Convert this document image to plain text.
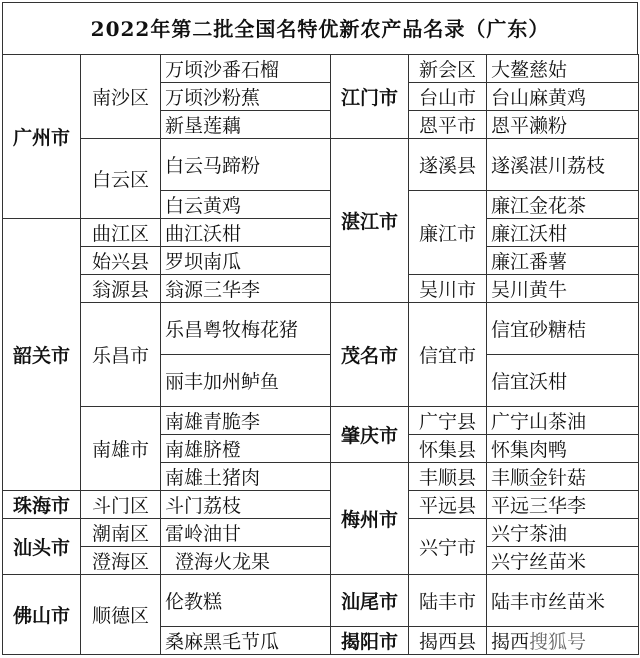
2022年第二批全国名特优新农产品名录（广东）
广州市	南沙区	万顷沙番石榴	江门市	新会区	大鳌慈姑
		万顷沙粉蕉		台山市	台山麻黄鸡
		新垦莲藕		恩平市	恩平濑粉
	白云区	白云马蹄粉	湛江市	遂溪县	遂溪湛川荔枝

		白云黄鸡		廉江市	廉江金花茶
韶关市	曲江区	曲江沃柑			廉江沃柑
	始兴县	罗坝南瓜			廉江番薯
	翁源县	翁源三华李		吴川市	吴川黄牛
	乐昌市	乐昌粤牧梅花猪	茂名市	信宜市	信宜砂糖桔
		丽丰加州鲈鱼			信宜沃柑
	南雄市	南雄青脆李	肇庆市	广宁县	广宁山茶油
		南雄脐橙		怀集县	怀集肉鸭
		南雄土猪肉	梅州市	丰顺县	丰顺金针菇
珠海市	斗门区	斗门荔枝		平远县	平远三华李
汕头市	潮南区	雷岭油甘		兴宁市	兴宁茶油
	澄海区	澄海火龙果			兴宁丝苗米
佛山市	顺德区	伦教糕	汕尾市	陆丰市	陆丰市丝苗米
		桑麻黑毛节瓜	揭阳市	揭西县	揭西搜狐号
